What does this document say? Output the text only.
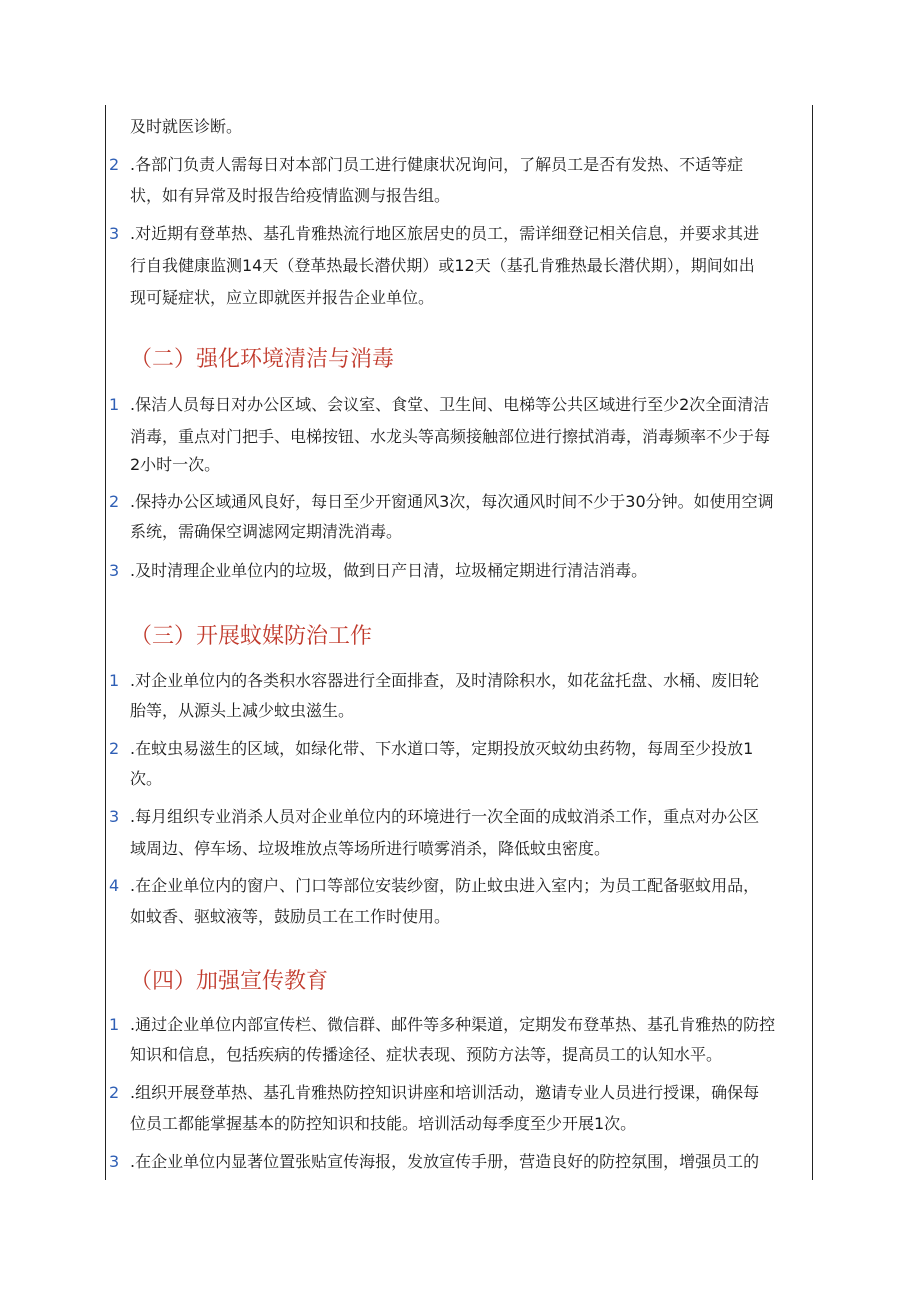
及时就医诊断。
2 .各部门负责人需每日对本部门员工进行健康状况询问，了解员工是否有发热、不适等症
状，如有异常及时报告给疫情监测与报告组。
3 .对近期有登革热、基孔肯雅热流行地区旅居史的员工，需详细登记相关信息，并要求其进
行自我健康监测14天（登革热最长潜伏期）或12天（基孔肯雅热最长潜伏期），期间如出
现可疑症状，应立即就医并报告企业单位。
（二）强化环境清洁与消毒
1 .保洁人员每日对办公区域、会议室、食堂、卫生间、电梯等公共区域进行至少2次全面清洁
消毒，重点对门把手、电梯按钮、水龙头等高频接触部位进行擦拭消毒，消毒频率不少于每
2小时一次。
2 .保持办公区域通风良好，每日至少开窗通风3次，每次通风时间不少于30分钟。如使用空调
系统，需确保空调滤网定期清洗消毒。
3 .及时清理企业单位内的垃圾，做到日产日清，垃圾桶定期进行清洁消毒。
（三）开展蚊媒防治工作
1 .对企业单位内的各类积水容器进行全面排查，及时清除积水，如花盆托盘、水桶、废旧轮
胎等，从源头上减少蚊虫滋生。
2 .在蚊虫易滋生的区域，如绿化带、下水道口等，定期投放灭蚊幼虫药物，每周至少投放1
次。
3 .每月组织专业消杀人员对企业单位内的环境进行一次全面的成蚊消杀工作，重点对办公区
域周边、停车场、垃圾堆放点等场所进行喷雾消杀，降低蚊虫密度。
4 .在企业单位内的窗户、门口等部位安装纱窗，防止蚊虫进入室内；为员工配备驱蚊用品，
如蚊香、驱蚊液等，鼓励员工在工作时使用。
（四）加强宣传教育
1 .通过企业单位内部宣传栏、微信群、邮件等多种渠道，定期发布登革热、基孔肯雅热的防控
知识和信息，包括疾病的传播途径、症状表现、预防方法等，提高员工的认知水平。
2 .组织开展登革热、基孔肯雅热防控知识讲座和培训活动，邀请专业人员进行授课，确保每
位员工都能掌握基本的防控知识和技能。培训活动每季度至少开展1次。
3 .在企业单位内显著位置张贴宣传海报，发放宣传手册，营造良好的防控氛围，增强员工的
